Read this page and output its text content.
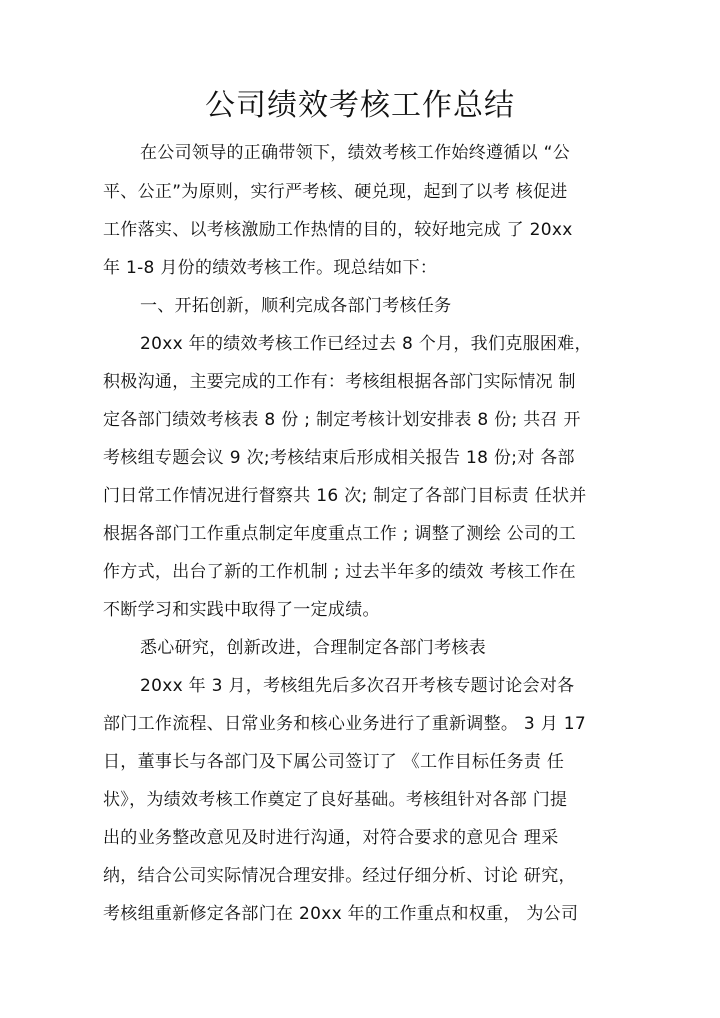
公司绩效考核工作总结
在公司领导的正确带领下，绩效考核工作始终遵循以 “公
平、公正”为原则，实行严考核、硬兑现，起到了以考 核促进
工作落实、以考核激励工作热情的目的，较好地完成 了 20xx
年 1-8 月份的绩效考核工作。现总结如下：
一、开拓创新，顺利完成各部门考核任务
20xx 年的绩效考核工作已经过去 8 个月，我们克服困难，
积极沟通，主要完成的工作有：考核组根据各部门实际情况 制
定各部门绩效考核表 8 份 ; 制定考核计划安排表 8 份; 共召 开
考核组专题会议 9 次;考核结束后形成相关报告 18 份;对 各部
门日常工作情况进行督察共 16 次; 制定了各部门目标责 任状并
根据各部门工作重点制定年度重点工作 ; 调整了测绘 公司的工
作方式，出台了新的工作机制 ; 过去半年多的绩效 考核工作在
不断学习和实践中取得了一定成绩。
悉心研究，创新改进，合理制定各部门考核表
20xx 年 3 月，考核组先后多次召开考核专题讨论会对各
部门工作流程、日常业务和核心业务进行了重新调整。 3 月 17
日，董事长与各部门及下属公司签订了 《工作目标任务责 任
状》，为绩效考核工作奠定了良好基础。考核组针对各部 门提
出的业务整改意见及时进行沟通，对符合要求的意见合 理采
纳，结合公司实际情况合理安排。经过仔细分析、讨论 研究，
考核组重新修定各部门在 20xx 年的工作重点和权重， 为公司
